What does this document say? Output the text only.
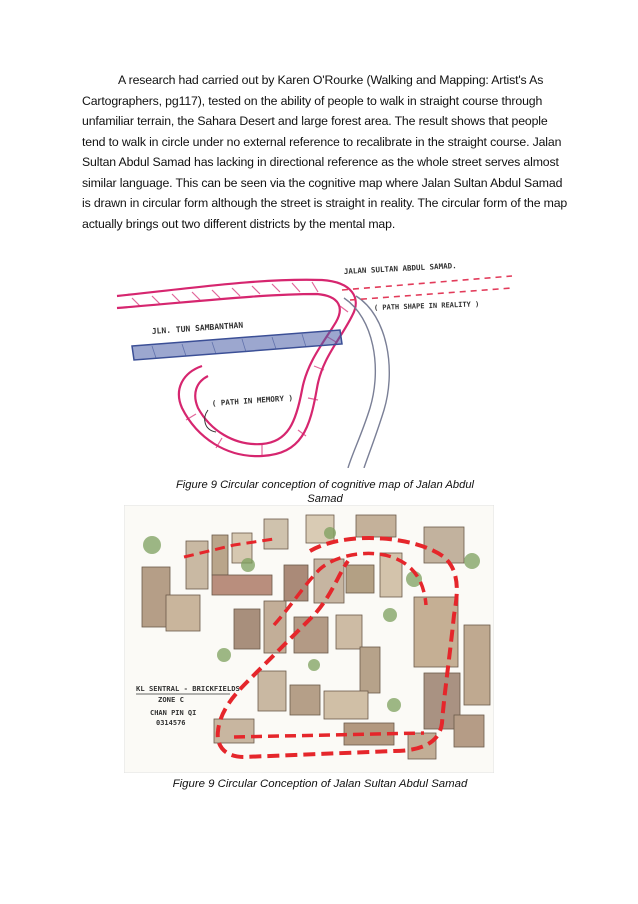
A research had carried out by Karen O'Rourke (Walking and Mapping: Artist's As Cartographers, pg117), tested on the ability of people to walk in straight course through unfamiliar terrain, the Sahara Desert and large forest area. The result shows that people tend to walk in circle under no external reference to recalibrate in the straight course. Jalan Sultan Abdul Samad has lacking in directional reference as the whole street serves almost similar language. This can be seen via the cognitive map where Jalan Sultan Abdul Samad is drawn in circular form although the street is straight in reality. The circular form of the map actually brings out two different districts by the mental map.

JALAN SULTAN ABDUL SAMAD.
( PATH SHAPE IN REALITY )
JLN. TUN SAMBANTHAN
( PATH IN MEMORY )
Figure 9 Circular conception of cognitive map of Jalan Abdul Samad
KL SENTRAL - BRICKFIELDS
ZONE C
CHAN PIN QI
0314576
Figure 9 Circular Conception of Jalan Sultan Abdul Samad
